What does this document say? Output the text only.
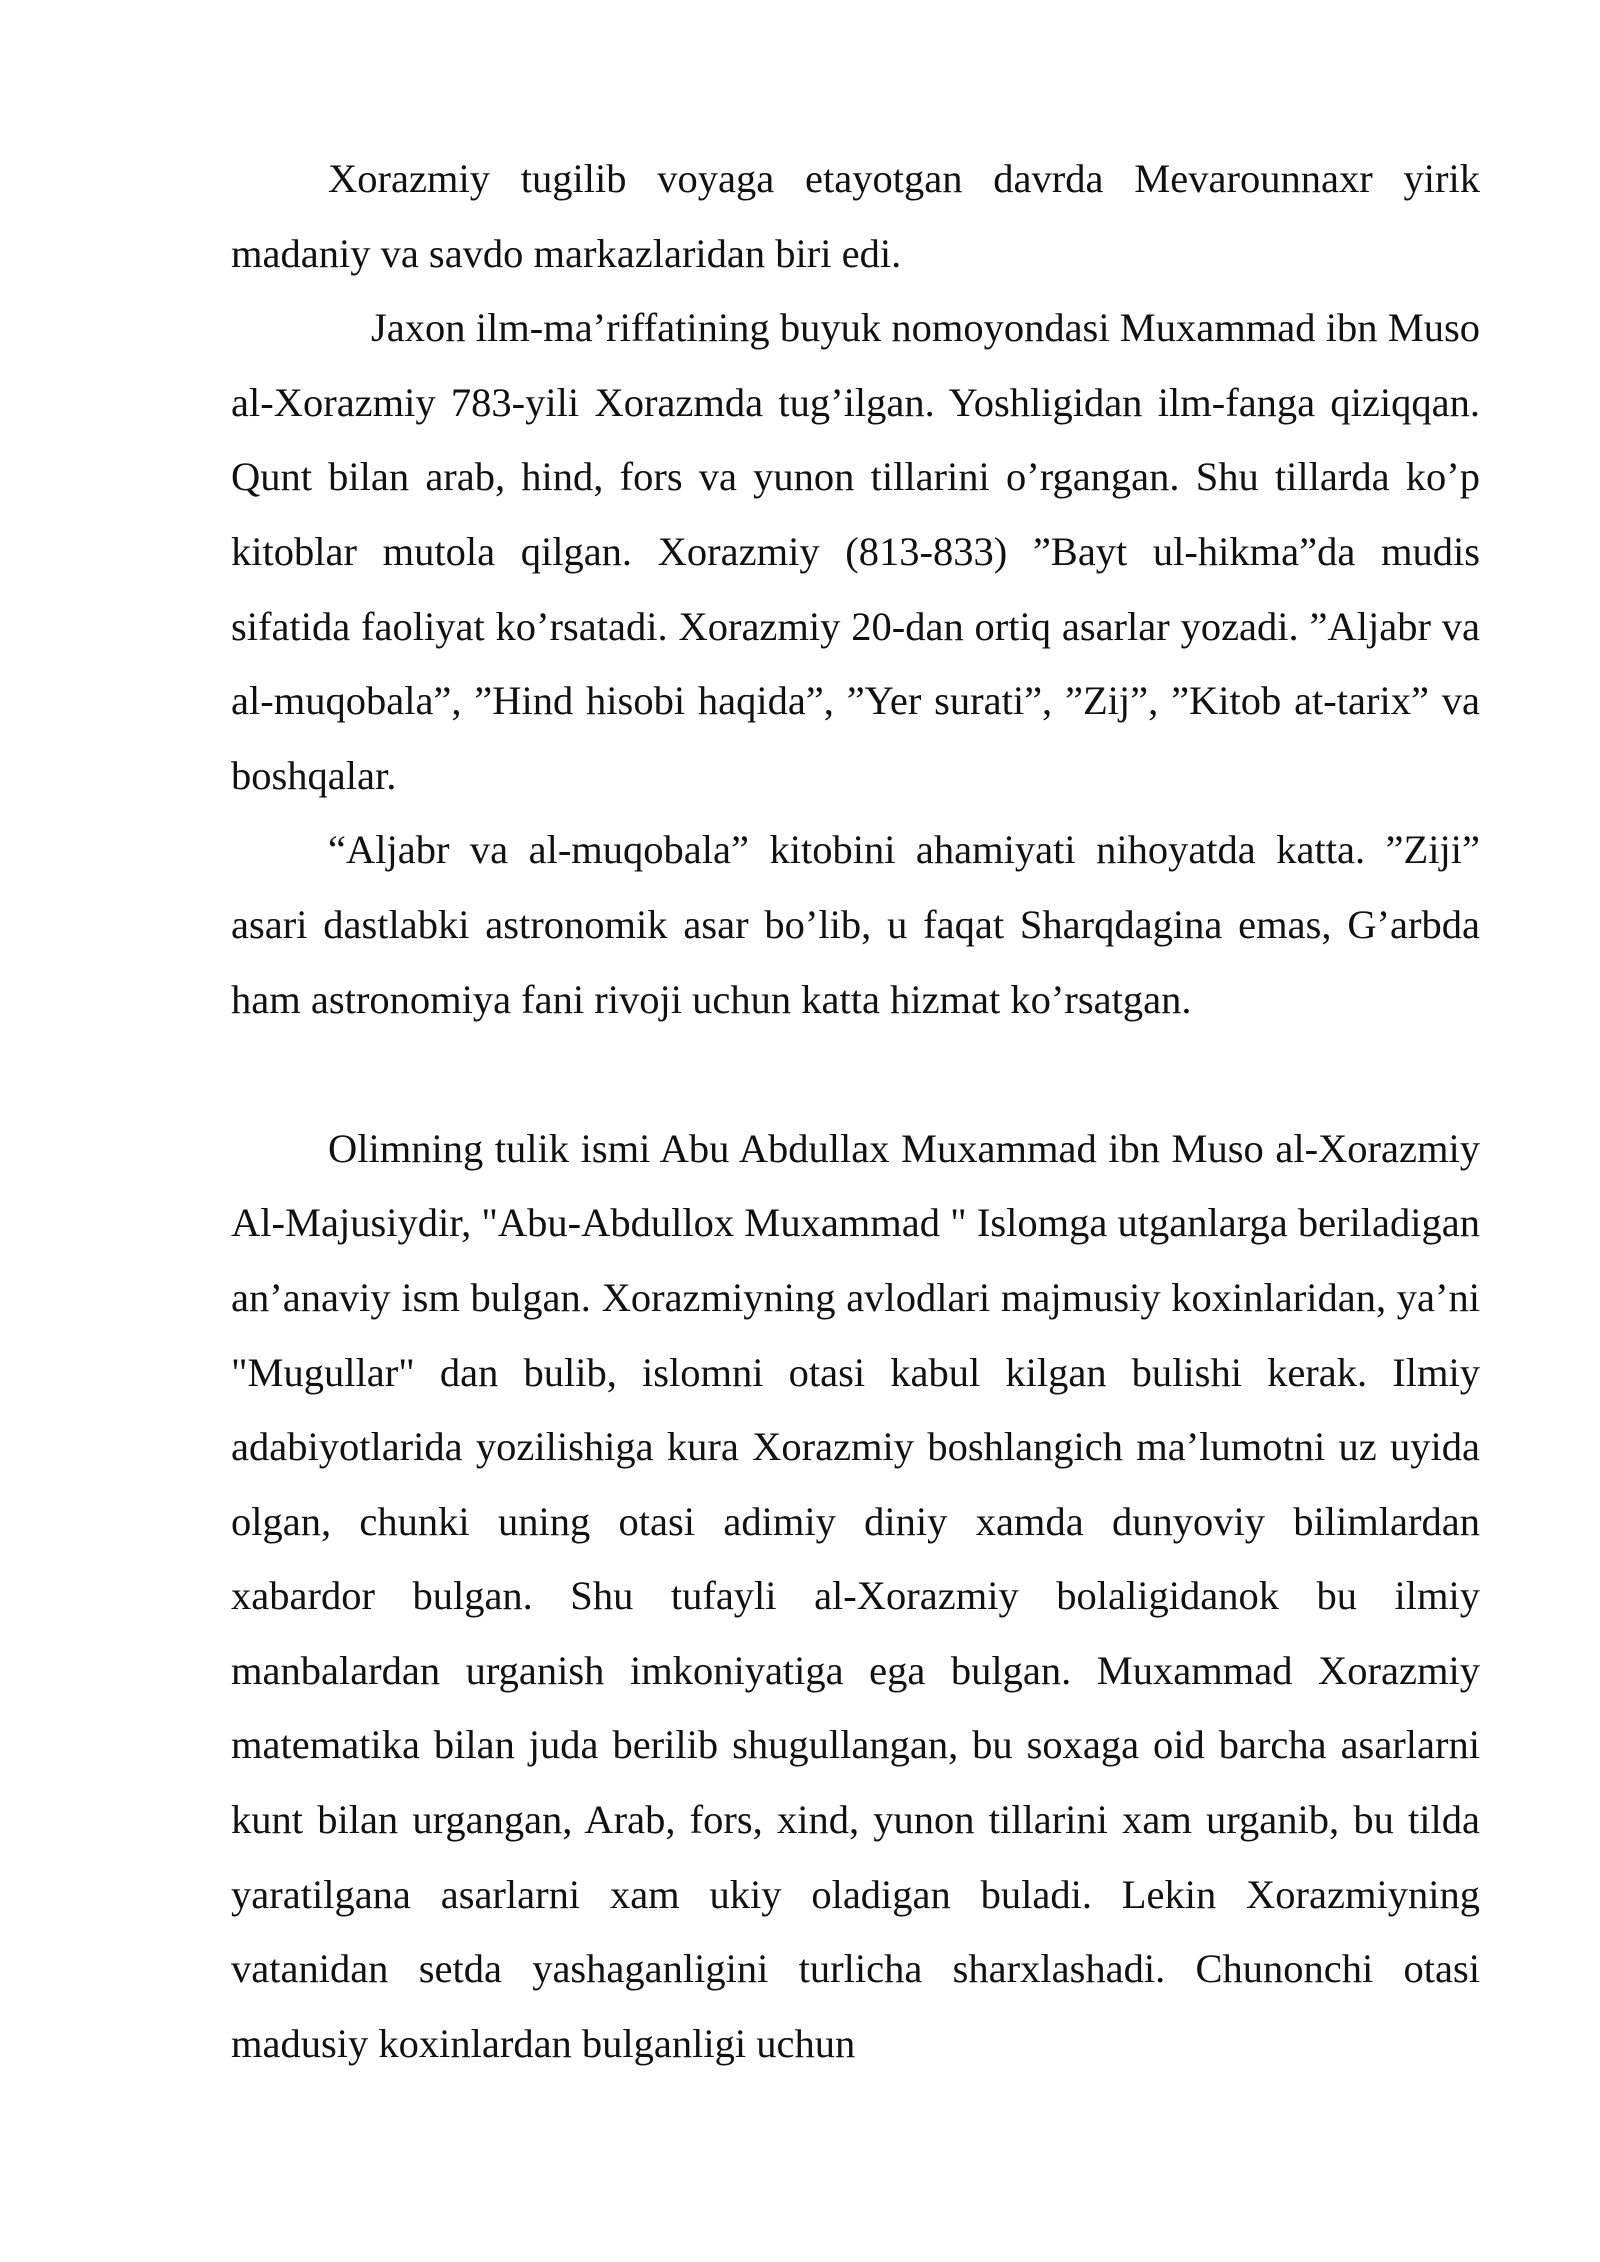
Xorazmiy tugilib voyaga etayotgan davrda Mevarounnaxr yirik madaniy va savdo markazlaridan biri edi.

Jaxon ilm-ma’riffatining buyuk nomoyondasi Muxammad ibn Muso al-Xorazmiy 783-yili Xorazmda tug’ilgan. Yoshligidan ilm-fanga qiziqqan. Qunt bilan arab, hind, fors va yunon tillarini o’rgangan. Shu tillarda ko’p kitoblar mutola qilgan. Xorazmiy (813-833) ”Bayt ul-hikma”da mudis sifatida faoliyat ko’rsatadi. Xorazmiy 20-dan ortiq asarlar yozadi. ”Aljabr va al-muqobala”, ”Hind hisobi haqida”, ”Yer surati”, ”Zij”, ”Kitob at-tarix” va boshqalar.

“Aljabr va al-muqobala” kitobini ahamiyati nihoyatda katta. ”Ziji” asari dastlabki astronomik asar bo’lib, u faqat Sharqdagina emas, G’arbda ham astronomiya fani rivoji uchun katta hizmat ko’rsatgan.

Olimning tulik ismi Abu Abdullax Muxammad ibn Muso al-Xorazmiy Al-Majusiydir, "Abu-Abdullox Muxammad " Islomga utganlarga beriladigan an’anaviy ism bulgan. Xorazmiyning avlodlari majmusiy koxinlaridan, ya’ni "Mugullar" dan bulib, islomni otasi kabul kilgan bulishi kerak. Ilmiy adabiyotlarida yozilishiga kura Xorazmiy boshlangich ma’lumotni uz uyida olgan, chunki uning otasi adimiy diniy xamda dunyoviy bilimlardan xabardor bulgan. Shu tufayli al-Xorazmiy bolaligidanok bu ilmiy manbalardan urganish imkoniyatiga ega bulgan. Muxammad Xorazmiy matematika bilan juda berilib shugullangan, bu soxaga oid barcha asarlarni kunt bilan urgangan, Arab, fors, xind, yunon tillarini xam urganib, bu tilda yaratilgana asarlarni xam ukiy oladigan buladi. Lekin Xorazmiyning vatanidan setda yashaganligini turlicha sharxlashadi. Chunonchi otasi madusiy koxinlardan bulganligi uchun
